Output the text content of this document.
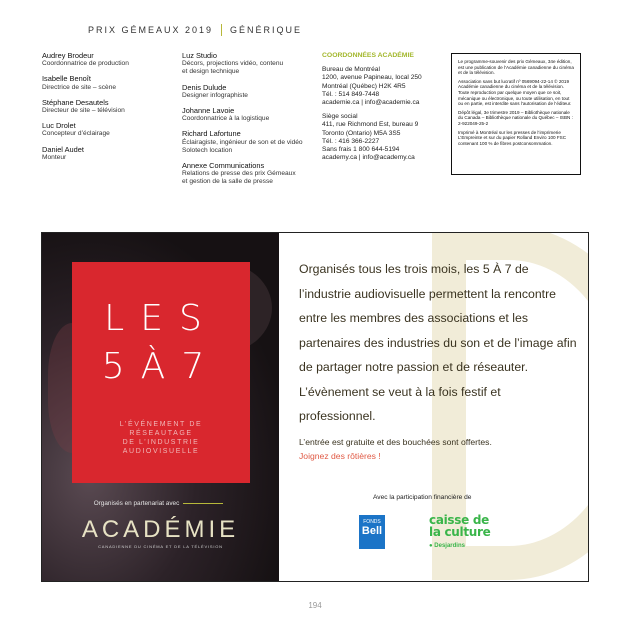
PRIX GÉMEAUX 2019 GÉNÉRIQUE
Audrey Brodeur
Coordonnatrice de production
Isabelle Benoît
Directrice de site – scène
Stéphane Desautels
Directeur de site – télévision
Luc Drolet
Concepteur d’éclairage
Daniel Audet
Monteur
Luz Studio
Décors, projections vidéo, contenu
et design technique
Denis Dulude
Designer infographiste
Johanne Lavoie
Coordonnatrice à la logistique
Richard Lafortune
Éclairagiste, ingénieur de son et de vidéo
Solotech location
Annexe Communications
Relations de presse des prix Gémeaux
et gestion de la salle de presse
COORDONNÉES ACADÉMIE
Bureau de Montréal
1200, avenue Papineau, local 250
Montréal (Québec) H2K 4R5
Tél. : 514 849-7448
academie.ca | info@academie.ca
Siège social
411, rue Richmond Est, bureau 9
Toronto (Ontario) M5A 3S5
Tél. : 416 366-2227
Sans frais 1 800 644-5194
academy.ca | info@academy.ca

Le programme-souvenir des prix Gémeaux, 34e édition, est une publication de l’Académie canadienne du cinéma et de la télévision.

Association sans but lucratif nº 0569094-22-14 © 2019 Académie canadienne du cinéma et de la télévision. Toute reproduction par quelque moyen que ce soit, mécanique ou électronique, ou toute utilisation, en tout ou en partie, est interdite sans l’autorisation de l’éditeur.

Dépôt légal, 3e trimestre 2019 – Bibliothèque nationale du Canada – Bibliothèque nationale du Québec – ISBN : 2-922049-25-2

Imprimé à Montréal sur les presses de l’imprimerie L’Empreinte et sur du papier Rolland Enviro 100 FSC contenant 100 % de fibres postconsommation.

LES
5À7
L’ÉVÉNEMENT DE
RÉSEAUTAGE
DE L’INDUSTRIE
AUDIOVISUELLE
Organisés en partenariat avec
ACADÉMIE
CANADIENNE DU CINÉMA ET DE LA TÉLÉVISION
Organisés tous les trois mois, les 5 À 7 de l’industrie audiovisuelle permettent la rencontre entre les membres des associations et les partenaires des industries du son et de l’image afin de partager notre passion et de réseauter. L’évènement se veut à la fois festif et professionnel.
L’entrée est gratuite et des bouchées sont offertes.
Joignez des rôtières !
Avec la participation financière de
FONDS
Bell
caisse de
la culture
● Desjardins
194
